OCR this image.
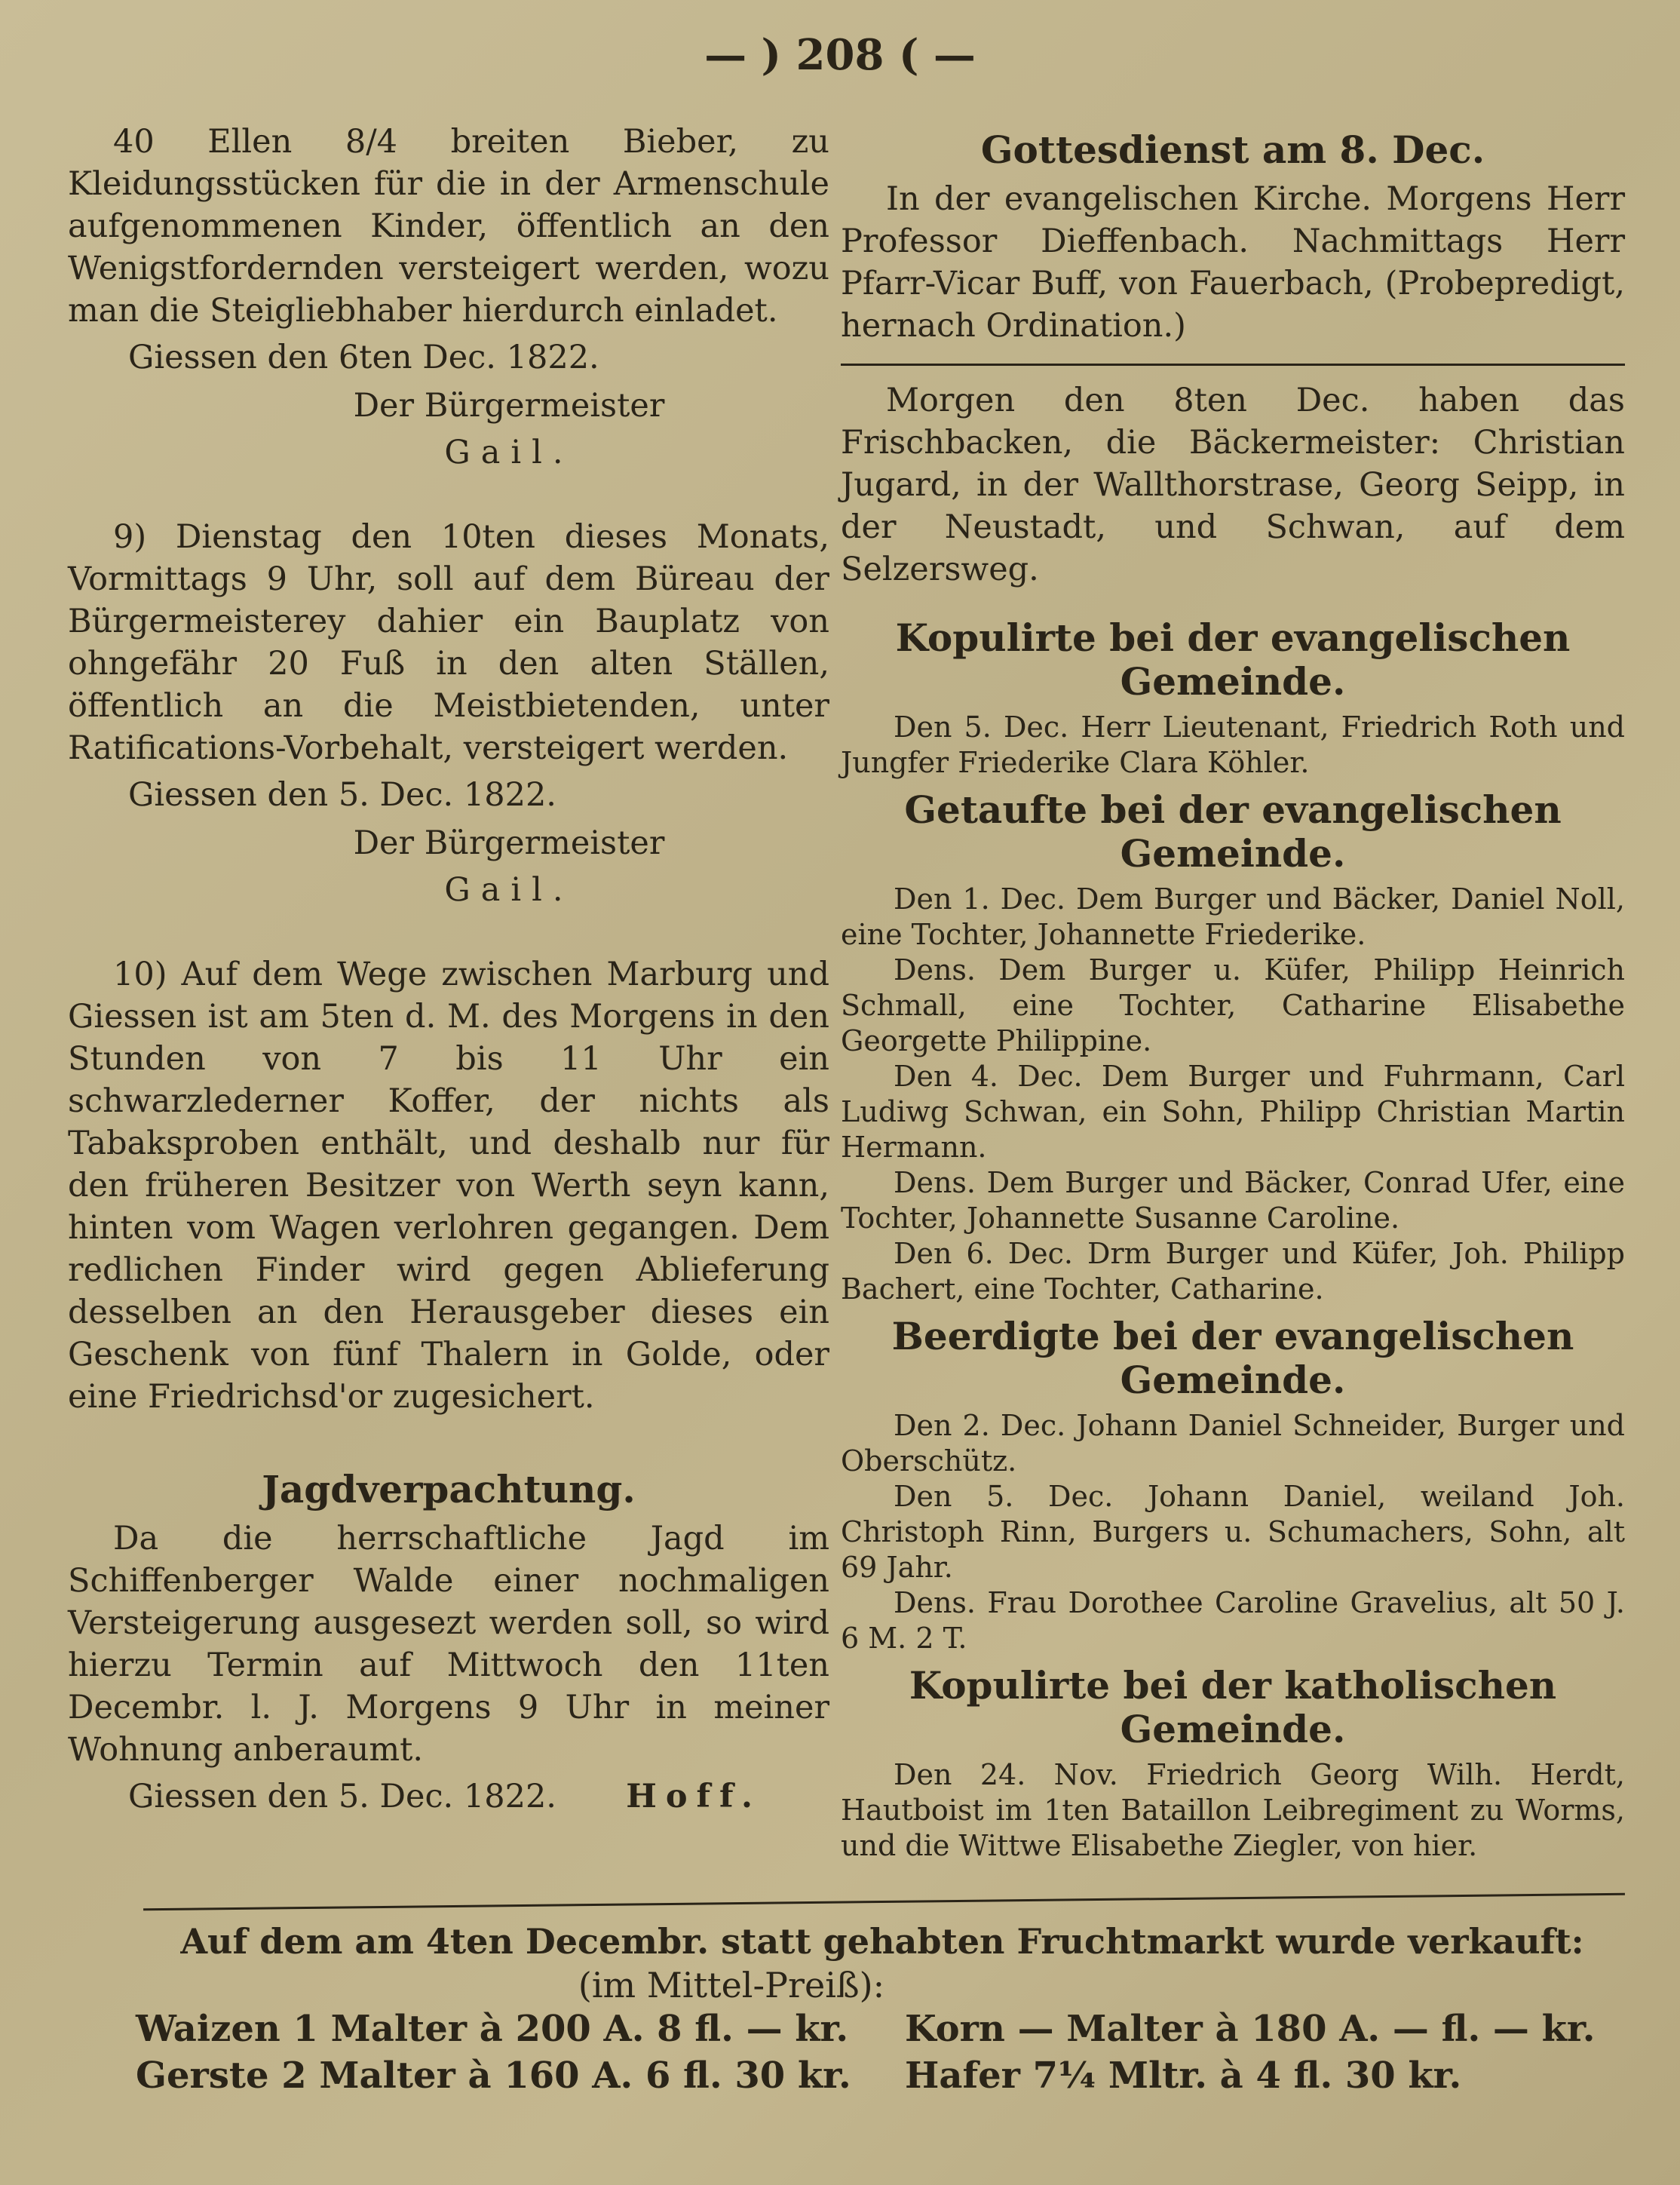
— ) 208 ( —

40 Ellen 8/4 breiten Bieber, zu Kleidungsstücken für die in der Armenschule aufgenommenen Kinder, öffentlich an den Wenigstfordernden versteigert werden, wozu man die Steigliebhaber hierdurch einladet.

Giessen den 6ten Dec. 1822.

Der Bürgermeister

Gail.

9) Dienstag den 10ten dieses Monats, Vormittags 9 Uhr, soll auf dem Büreau der Bürgermeisterey dahier ein Bauplatz von ohngefähr 20 Fuß in den alten Ställen, öffentlich an die Meistbietenden, unter Ratifications-Vorbehalt, versteigert werden.

Giessen den 5. Dec. 1822.

Der Bürgermeister

Gail.

10) Auf dem Wege zwischen Marburg und Giessen ist am 5ten d. M. des Morgens in den Stunden von 7 bis 11 Uhr ein schwarzlederner Koffer, der nichts als Tabaksproben enthält, und deshalb nur für den früheren Besitzer von Werth seyn kann, hinten vom Wagen verlohren gegangen. Dem redlichen Finder wird gegen Ablieferung desselben an den Herausgeber dieses ein Geschenk von fünf Thalern in Golde, oder eine Friedrichsd'or zugesichert.

Jagdverpachtung.

Da die herrschaftliche Jagd im Schiffenberger Walde einer nochmaligen Versteigerung ausgesezt werden soll, so wird hierzu Termin auf Mittwoch den 11ten Decembr. l. J. Morgens 9 Uhr in meiner Wohnung anberaumt.

Giessen den 5. Dec. 1822.	Hoff.

Gottesdienst am 8. Dec.

In der evangelischen Kirche. Morgens Herr Professor Dieffenbach. Nachmittags Herr Pfarr-Vicar Buff, von Fauerbach, (Probepredigt, hernach Ordination.)

Morgen den 8ten Dec. haben das Frischbacken, die Bäckermeister: Christian Jugard, in der Wallthorstrase, Georg Seipp, in der Neustadt, und Schwan, auf dem Selzersweg.

Kopulirte bei der evangelischen Gemeinde.

Den 5. Dec. Herr Lieutenant, Friedrich Roth und Jungfer Friederike Clara Köhler.

Getaufte bei der evangelischen Gemeinde.

Den 1. Dec. Dem Burger und Bäcker, Daniel Noll, eine Tochter, Johannette Friederike.

Dens. Dem Burger u. Küfer, Philipp Heinrich Schmall, eine Tochter, Catharine Elisabethe Georgette Philippine.

Den 4. Dec. Dem Burger und Fuhrmann, Carl Ludiwg Schwan, ein Sohn, Philipp Christian Martin Hermann.

Dens. Dem Burger und Bäcker, Conrad Ufer, eine Tochter, Johannette Susanne Caroline.

Den 6. Dec. Drm Burger und Küfer, Joh. Philipp Bachert, eine Tochter, Catharine.

Beerdigte bei der evangelischen Gemeinde.

Den 2. Dec. Johann Daniel Schneider, Burger und Oberschütz.

Den 5. Dec. Johann Daniel, weiland Joh. Christoph Rinn, Burgers u. Schumachers, Sohn, alt 69 Jahr.

Dens. Frau Dorothee Caroline Gravelius, alt 50 J. 6 M. 2 T.

Kopulirte bei der katholischen Gemeinde.

Den 24. Nov. Friedrich Georg Wilh. Herdt, Hautboist im 1ten Bataillon Leibregiment zu Worms, und die Wittwe Elisabethe Ziegler, von hier.

Auf dem am 4ten Decembr. statt gehabten Fruchtmarkt wurde verkauft:
(im Mittel-Preiß):
Waizen 1 Malter à 200 A. 8 fl. — kr.	Korn — Malter à 180 A. — fl. — kr.
Gerste 2 Malter à 160 A. 6 fl. 30 kr.	Hafer 7¼ Mltr. à 4 fl. 30 kr.
